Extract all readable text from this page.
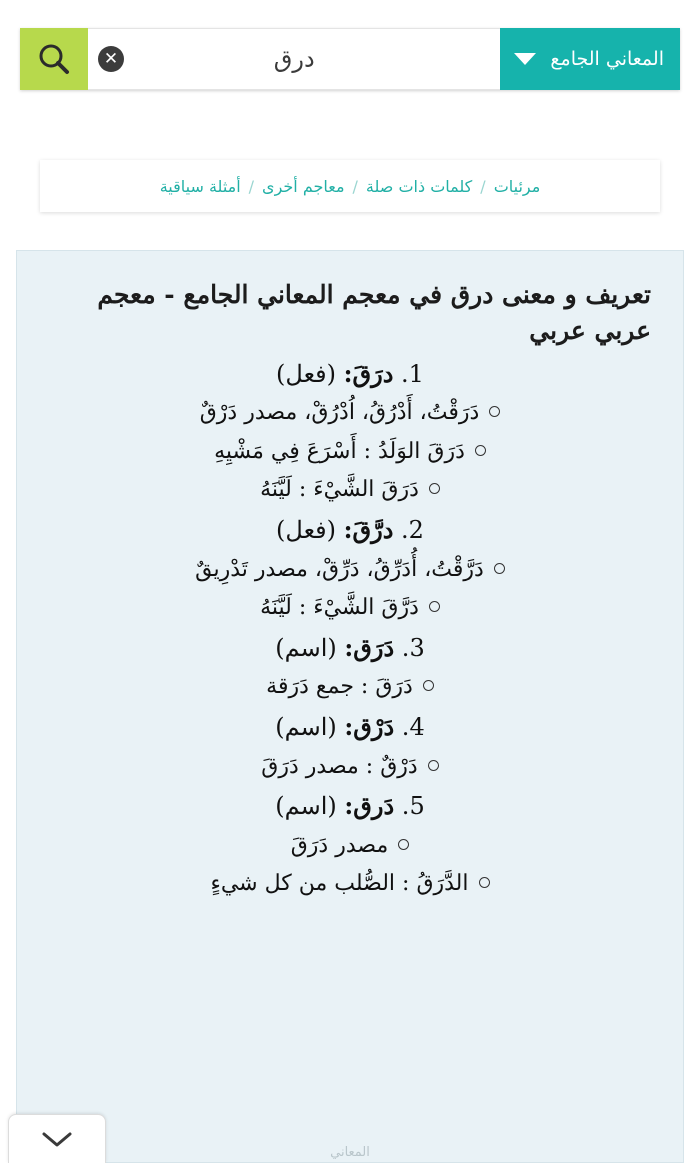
المعاني الجامع
درق
✕
مرئيات
/
كلمات ذات صلة
/
معاجم أخرى
/
أمثلة سياقية
تعريف و معنى درق في معجم المعاني الجامع - معجم عربي عربي
1. درَقَ: (فعل)
دَرَقْتُ، أَدْرُقُ، اُدْرُقْ، مصدر دَرْقٌ
دَرَقَ الوَلَدُ : أَسْرَعَ فِي مَشْيِهِ
دَرَقَ الشَّيْءَ : لَيَّنَهُ
2. درَّقَ: (فعل)
دَرَّقْتُ، أُدَرِّقُ، دَرِّقْ، مصدر تَدْرِيقٌ
دَرَّقَ الشَّيْءَ : لَيَّنَهُ
3. دَرَق: (اسم)
دَرَقَ : جمع دَرَقة
4. دَرْق: (اسم)
دَرْقٌ : مصدر دَرَقَ
5. دَرق: (اسم)
مصدر دَرَقَ
الدَّرَقُ : الصُّلب من كل شيءٍ
المعاني
